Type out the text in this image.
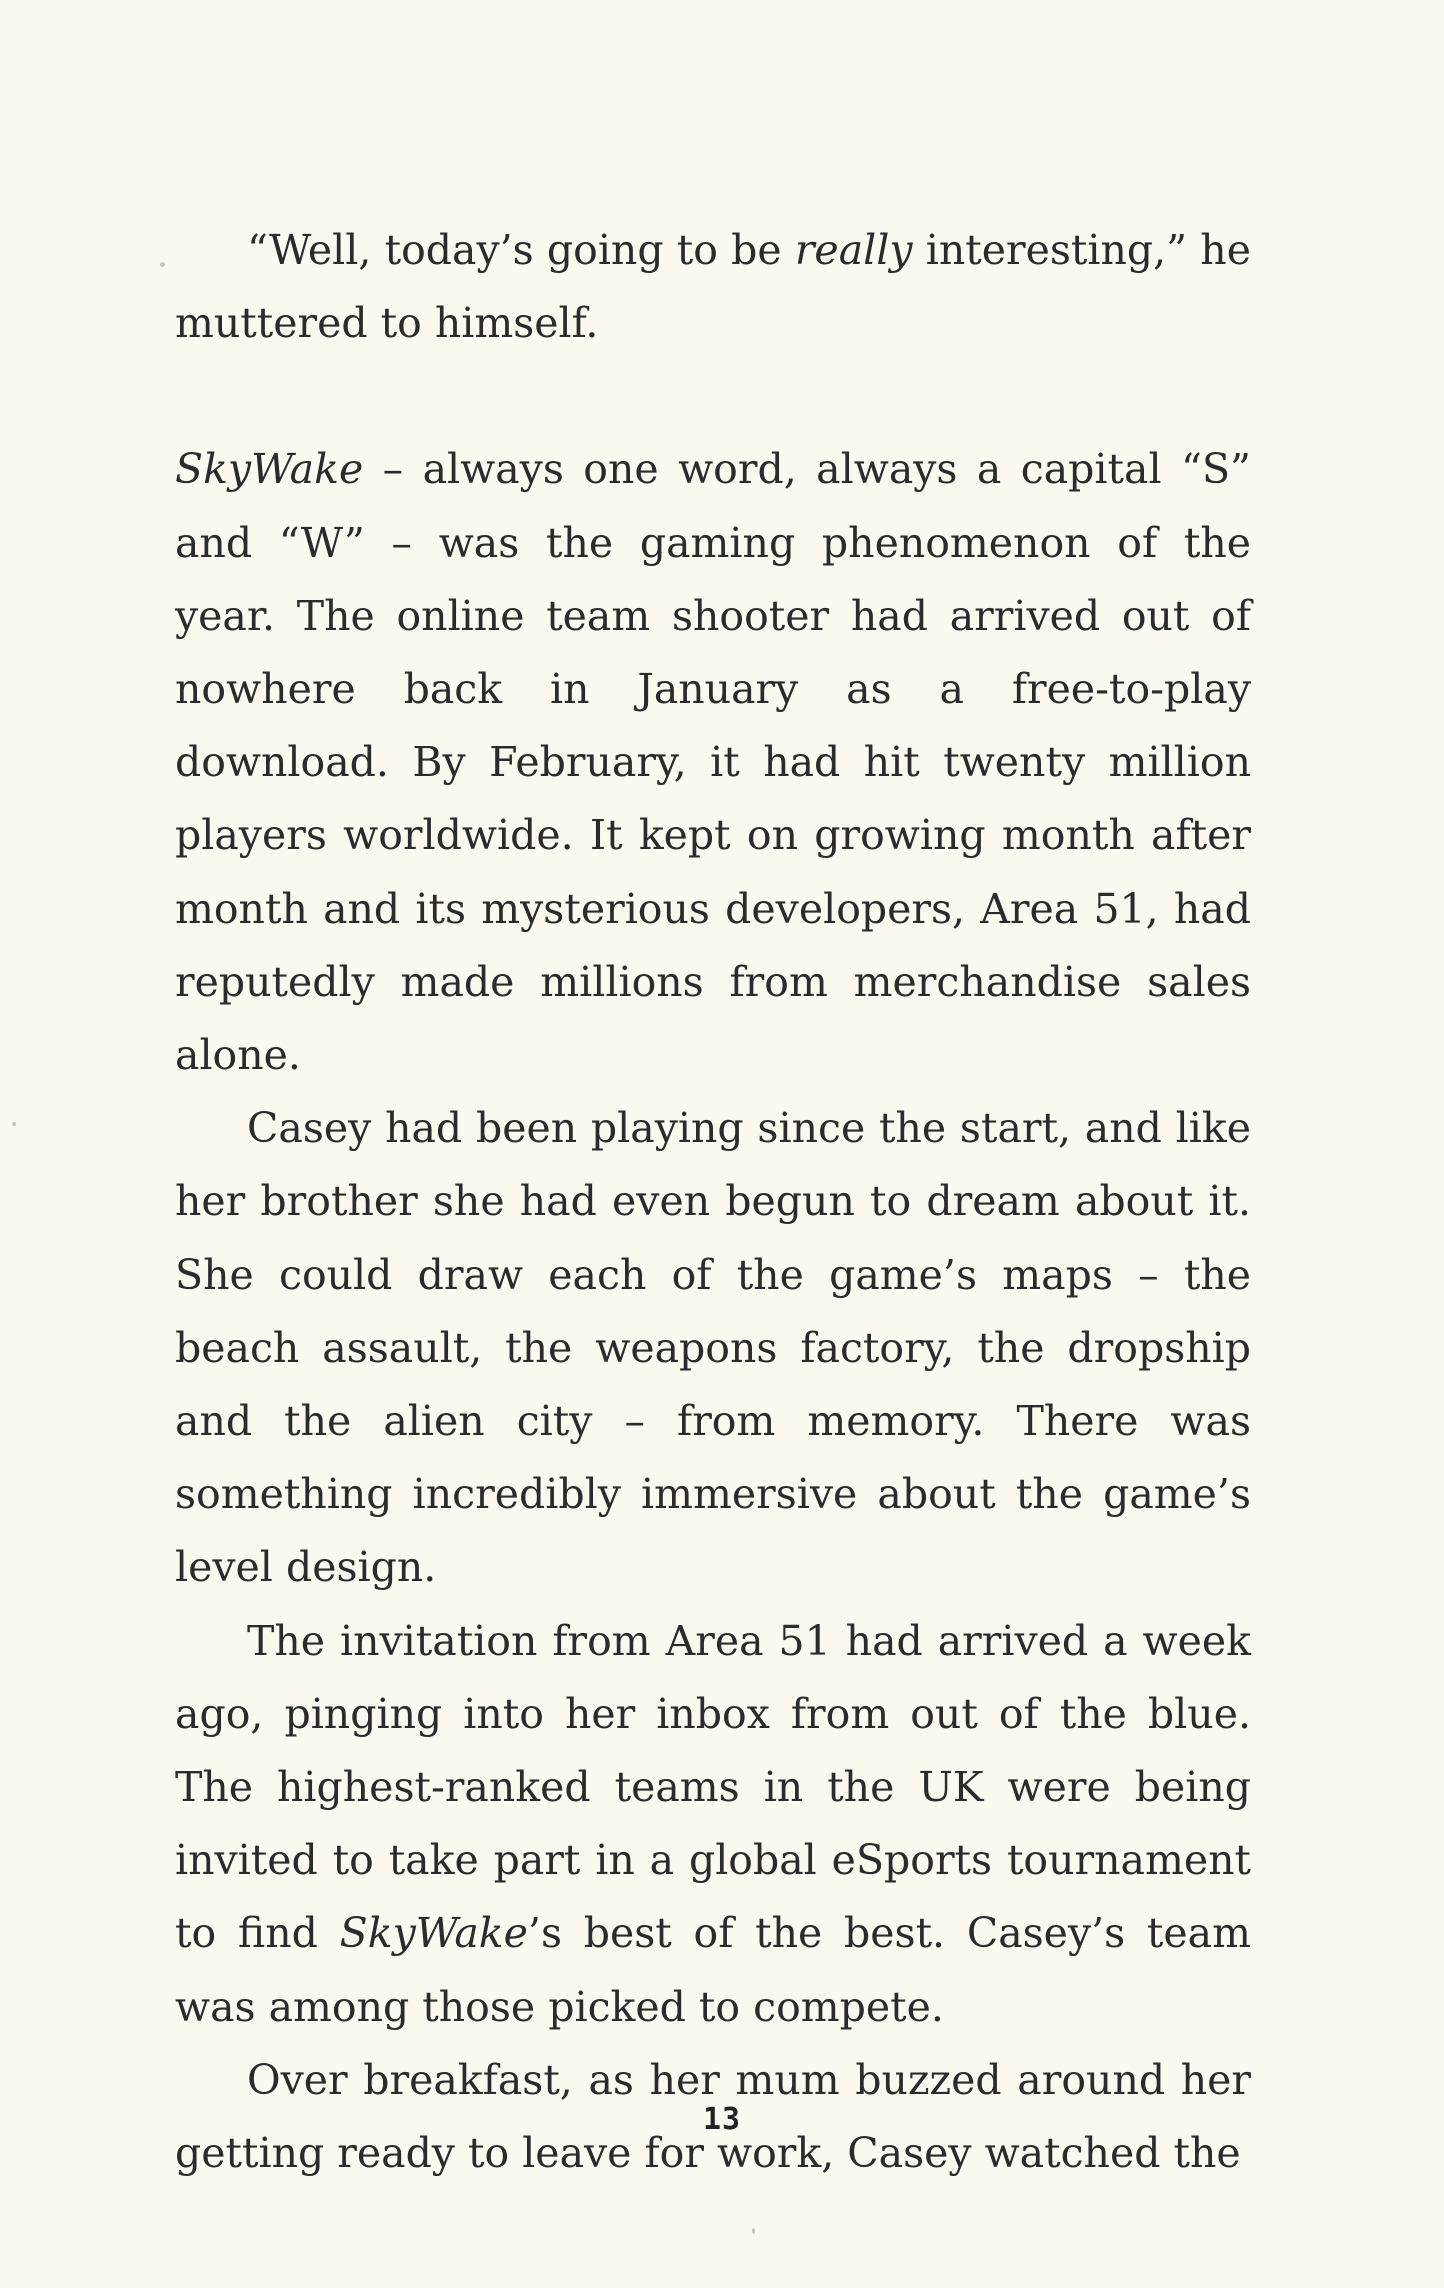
“Well, today’s going to be really interesting,” he muttered to himself.

SkyWake – always one word, always a capital “S” and “W” – was the gaming phenomenon of the year. The online team shooter had arrived out of nowhere back in January as a free-to-play download. By February, it had hit twenty million players worldwide. It kept on growing month after month and its mysterious developers, Area 51, had reputedly made millions from merchandise sales alone.

Casey had been playing since the start, and like her brother she had even begun to dream about it. She could draw each of the game’s maps – the beach assault, the weapons factory, the dropship and the alien city – from memory. There was something incredibly immersive about the game’s level design.

The invitation from Area 51 had arrived a week ago, pinging into her inbox from out of the blue. The highest-ranked teams in the UK were being invited to take part in a global eSports tournament to find SkyWake’s best of the best. Casey’s team was among those picked to compete.

Over breakfast, as her mum buzzed around her getting ready to leave for work, Casey watched the

13
